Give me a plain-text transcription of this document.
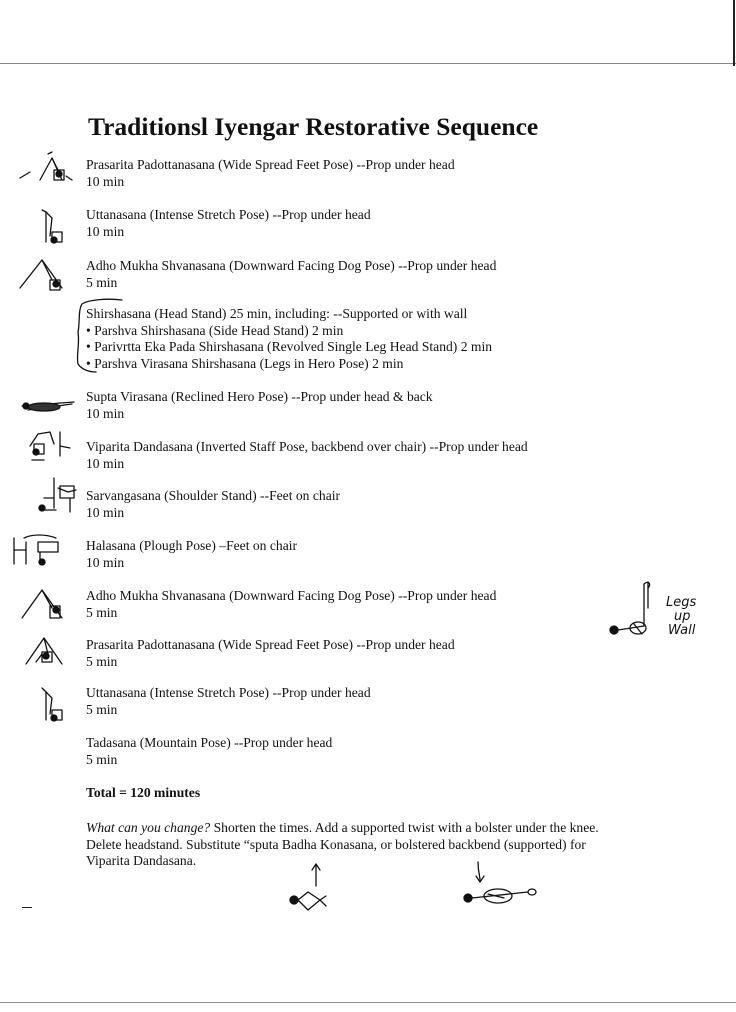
Traditionsl Iyengar Restorative Sequence
Prasarita Padottanasana (Wide Spread Feet Pose) --Prop under head
10 min
Uttanasana (Intense Stretch Pose) --Prop under head
10 min
Adho Mukha Shvanasana (Downward Facing Dog Pose) --Prop under head
5 min
Shirshasana (Head Stand) 25 min, including: --Supported or with wall
• Parshva Shirshasana (Side Head Stand) 2 min
• Parivrtta Eka Pada Shirshasana (Revolved Single Leg Head Stand) 2 min
• Parshva Virasana Shirshasana (Legs in Hero Pose) 2 min
Supta Virasana (Reclined Hero Pose) --Prop under head & back
10 min
Viparita Dandasana (Inverted Staff Pose, backbend over chair) --Prop under head
10 min
Sarvangasana (Shoulder Stand) --Feet on chair
10 min
Halasana (Plough Pose) –Feet on chair
10 min
Adho Mukha Shvanasana (Downward Facing Dog Pose) --Prop under head
5 min
Prasarita Padottanasana (Wide Spread Feet Pose) --Prop under head
5 min
Uttanasana (Intense Stretch Pose) --Prop under head
5 min
Tadasana (Mountain Pose) --Prop under head
5 min
Total = 120 minutes
What can you change? Shorten the times. Add a supported twist with a bolster under the knee.
Delete headstand. Substitute “sputa Badha Konasana, or bolstered backbend (supported) for
Viparita Dandasana.
Legs
up
Wall
